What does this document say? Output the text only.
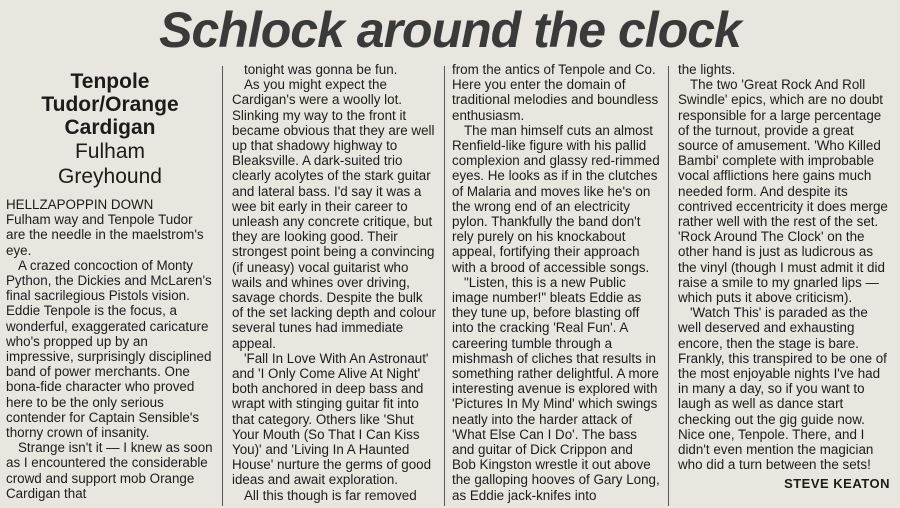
Schlock around the clock
Tenpole
Tudor/Orange
Cardigan
Fulham
Greyhound

HELLZAPOPPIN DOWN

Fulham way and Tenpole Tudor are the needle in the maelstrom's eye.

A crazed concoction of Monty Python, the Dickies and McLaren's final sacrilegious Pistols vision. Eddie Tenpole is the focus, a wonderful, exaggerated caricature who's propped up by an impressive, surprisingly disciplined band of power merchants. One bona-fide character who proved here to be the only serious contender for Captain Sensible's thorny crown of insanity.

Strange isn't it — I knew as soon as I encountered the considerable crowd and support mob Orange Cardigan that

tonight was gonna be fun.

As you might expect the Cardigan's were a woolly lot. Slinking my way to the front it became obvious that they are well up that shadowy highway to Bleaksville. A dark-suited trio clearly acolytes of the stark guitar and lateral bass. I'd say it was a wee bit early in their career to unleash any concrete critique, but they are looking good. Their strongest point being a convincing (if uneasy) vocal guitarist who wails and whines over driving, savage chords. Despite the bulk of the set lacking depth and colour several tunes had immediate appeal.

'Fall In Love With An Astronaut' and 'I Only Come Alive At Night' both anchored in deep bass and wrapt with stinging guitar fit into that category. Others like 'Shut Your Mouth (So That I Can Kiss You)' and 'Living In A Haunted House' nurture the germs of good ideas and await exploration.

All this though is far removed

from the antics of Tenpole and Co. Here you enter the domain of traditional melodies and boundless enthusiasm.

The man himself cuts an almost Renfield-like figure with his pallid complexion and glassy red-rimmed eyes. He looks as if in the clutches of Malaria and moves like he's on the wrong end of an electricity pylon. Thankfully the band don't rely purely on his knockabout appeal, fortifying their approach with a brood of accessible songs.

"Listen, this is a new Public image number!" bleats Eddie as they tune up, before blasting off into the cracking 'Real Fun'. A careering tumble through a mishmash of cliches that results in something rather delightful. A more interesting avenue is explored with 'Pictures In My Mind' which swings neatly into the harder attack of 'What Else Can I Do'. The bass and guitar of Dick Crippon and Bob Kingston wrestle it out above the galloping hooves of Gary Long, as Eddie jack-knifes into

the lights.

The two 'Great Rock And Roll Swindle' epics, which are no doubt responsible for a large percentage of the turnout, provide a great source of amusement. 'Who Killed Bambi' complete with improbable vocal afflictions here gains much needed form. And despite its contrived eccentricity it does merge rather well with the rest of the set. 'Rock Around The Clock' on the other hand is just as ludicrous as the vinyl (though I must admit it did raise a smile to my gnarled lips — which puts it above criticism).

'Watch This' is paraded as the well deserved and exhausting encore, then the stage is bare. Frankly, this transpired to be one of the most enjoyable nights I've had in many a day, so if you want to laugh as well as dance start checking out the gig guide now. Nice one, Tenpole. There, and I didn't even mention the magician who did a turn between the sets!

STEVE KEATON
